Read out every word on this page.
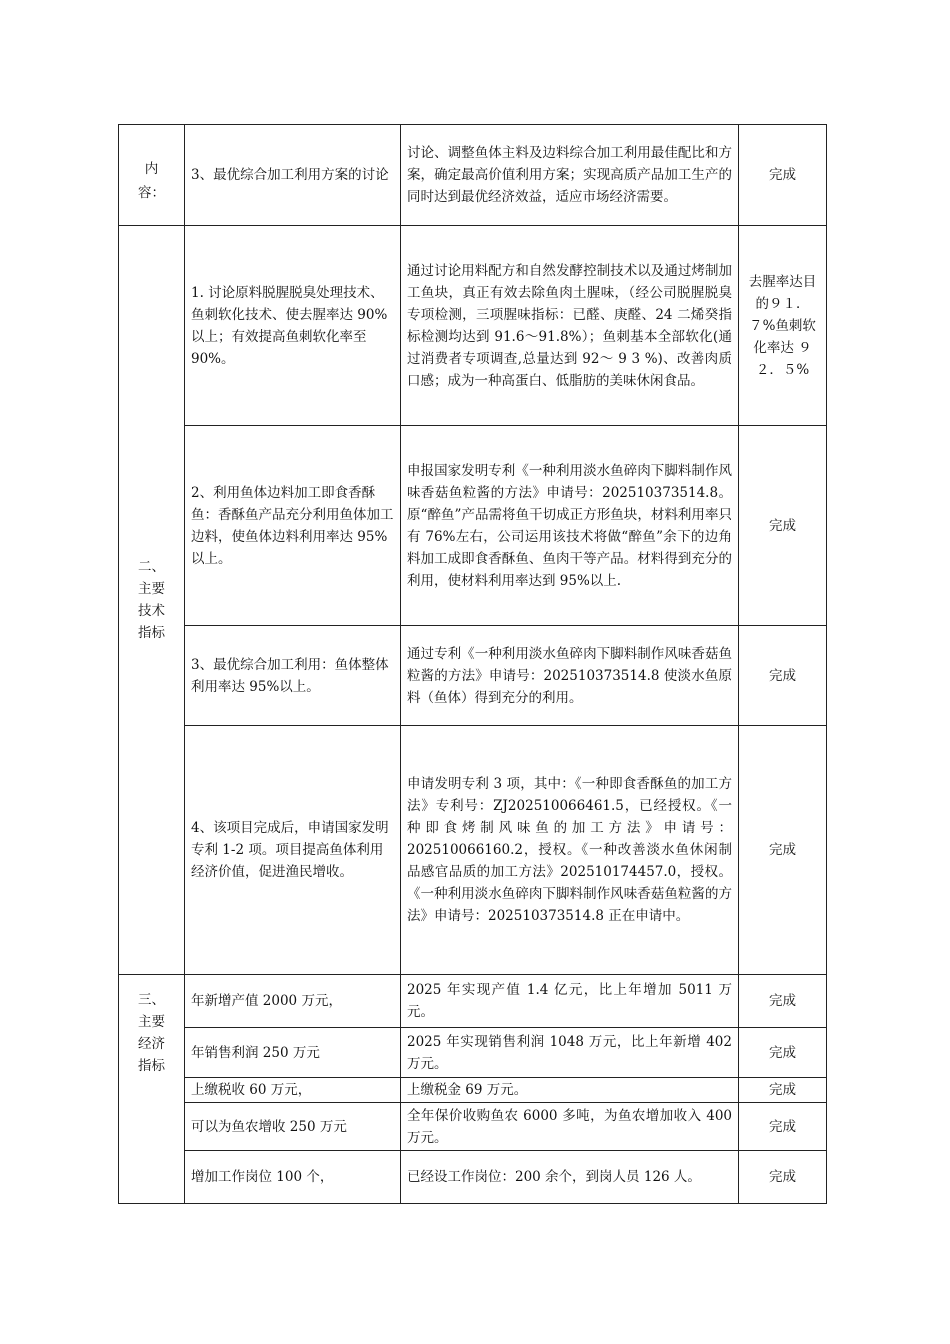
内
容：	3、最优综合加工利用方案的讨论	讨论、调整鱼体主料及边料综合加工利用最佳配比和方案，确定最高价值利用方案；实现高质产品加工生产的同时达到最优经济效益，适应市场经济需要。	完成

二、
主要
技术
指标	1. 讨论原料脱腥脱臭处理技术、鱼刺软化技术、使去腥率达 90%以上；有效提高鱼刺软化率至 90%。	通过讨论用料配方和自然发酵控制技术以及通过烤制加工鱼块，真正有效去除鱼肉土腥味，（经公司脱腥脱臭专项检测，三项腥味指标：已醛、庚醛、24 二烯癸指标检测均达到 91.6～91.8%）；鱼刺基本全部软化(通过消费者专项调查,总量达到 92～ 9 3 %)、改善肉质口感；成为一种高蛋白、低脂肪的美味休闲食品。	去腥率达目的９１．７%鱼刺软化率达 ９２．５%
	2、利用鱼体边料加工即食香酥鱼：香酥鱼产品充分利用鱼体加工边料，使鱼体边料利用率达 95%以上。	申报国家发明专利《一种利用淡水鱼碎肉下脚料制作风味香菇鱼粒酱的方法》申请号：202510373514.8。原“醉鱼”产品需将鱼干切成正方形鱼块，材料利用率只有 76%左右，公司运用该技术将做“醉鱼”余下的边角料加工成即食香酥鱼、鱼肉干等产品。材料得到充分的利用，使材料利用率达到 95%以上.	完成
	3、最优综合加工利用：鱼体整体利用率达 95%以上。	通过专利《一种利用淡水鱼碎肉下脚料制作风味香菇鱼粒酱的方法》申请号：202510373514.8 使淡水鱼原料（鱼体）得到充分的利用。	完成
	4、该项目完成后，申请国家发明专利 1-2 项。项目提高鱼体利用经济价值，促进渔民增收。	申请发明专利 3 项，其中：《一种即食香酥鱼的加工方法》专利号：ZJ202510066461.5，已经授权。《一种即食烤制风味鱼的加工方法》申请号：202510066160.2，授权。《一种改善淡水鱼休闲制品感官品质的加工方法》202510174457.0，授权。《一种利用淡水鱼碎肉下脚料制作风味香菇鱼粒酱的方法》申请号：202510373514.8 正在申请中。	完成

三、
主要
经济
指标	年新增产值 2000 万元，	2025 年实现产值 1.4 亿元，比上年增加 5011 万元。	完成
	年销售利润 250 万元	2025 年实现销售利润 1048 万元，比上年新增 402 万元。	完成
	上缴税收 60 万元，	上缴税金 69 万元。	完成
	可以为鱼农增收 250 万元	全年保价收购鱼农 6000 多吨，为鱼农增加收入 400 万元。	完成
	增加工作岗位 100 个，	已经设工作岗位：200 余个，到岗人员 126 人。	完成
